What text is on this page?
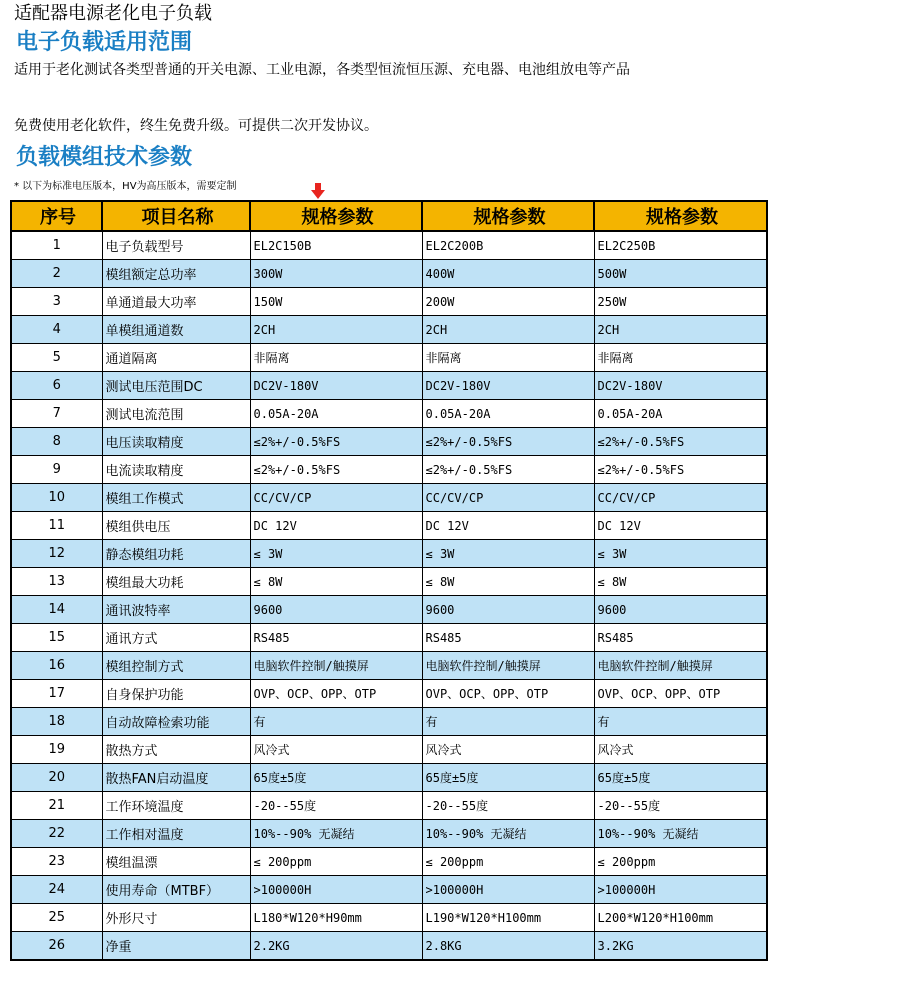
适配器电源老化电子负载
电子负载适用范围
适用于老化测试各类型普通的开关电源、工业电源，各类型恒流恒压源、充电器、电池组放电等产品
免费使用老化软件，终生免费升级。可提供二次开发协议。
负载模组技术参数
* 以下为标准电压版本，HV为高压版本，需要定制
序号	项目名称	规格参数	规格参数	规格参数
1	电子负载型号	EL2C150B	EL2C200B	EL2C250B
2	模组额定总功率	300W	400W	500W
3	单通道最大功率	150W	200W	250W
4	单模组通道数	2CH	2CH	2CH
5	通道隔离	非隔离	非隔离	非隔离
6	测试电压范围DC	DC2V-180V	DC2V-180V	DC2V-180V
7	测试电流范围	0.05A-20A	0.05A-20A	0.05A-20A
8	电压读取精度	≤2%+/-0.5%FS	≤2%+/-0.5%FS	≤2%+/-0.5%FS
9	电流读取精度	≤2%+/-0.5%FS	≤2%+/-0.5%FS	≤2%+/-0.5%FS
10	模组工作模式	CC/CV/CP	CC/CV/CP	CC/CV/CP
11	模组供电压	DC 12V	DC 12V	DC 12V
12	静态模组功耗	≤ 3W	≤ 3W	≤ 3W
13	模组最大功耗	≤ 8W	≤ 8W	≤ 8W
14	通讯波特率	9600	9600	9600
15	通讯方式	RS485	RS485	RS485
16	模组控制方式	电脑软件控制/触摸屏	电脑软件控制/触摸屏	电脑软件控制/触摸屏
17	自身保护功能	OVP、OCP、OPP、OTP	OVP、OCP、OPP、OTP	OVP、OCP、OPP、OTP
18	自动故障检索功能	有	有	有
19	散热方式	风冷式	风冷式	风冷式
20	散热FAN启动温度	65度±5度	65度±5度	65度±5度
21	工作环境温度	-20--55度	-20--55度	-20--55度
22	工作相对温度	10%--90% 无凝结	10%--90% 无凝结	10%--90% 无凝结
23	模组温漂	≤ 200ppm	≤ 200ppm	≤ 200ppm
24	使用寿命（MTBF）	>100000H	>100000H	>100000H
25	外形尺寸	L180*W120*H90mm	L190*W120*H100mm	L200*W120*H100mm
26	净重	2.2KG	2.8KG	3.2KG
